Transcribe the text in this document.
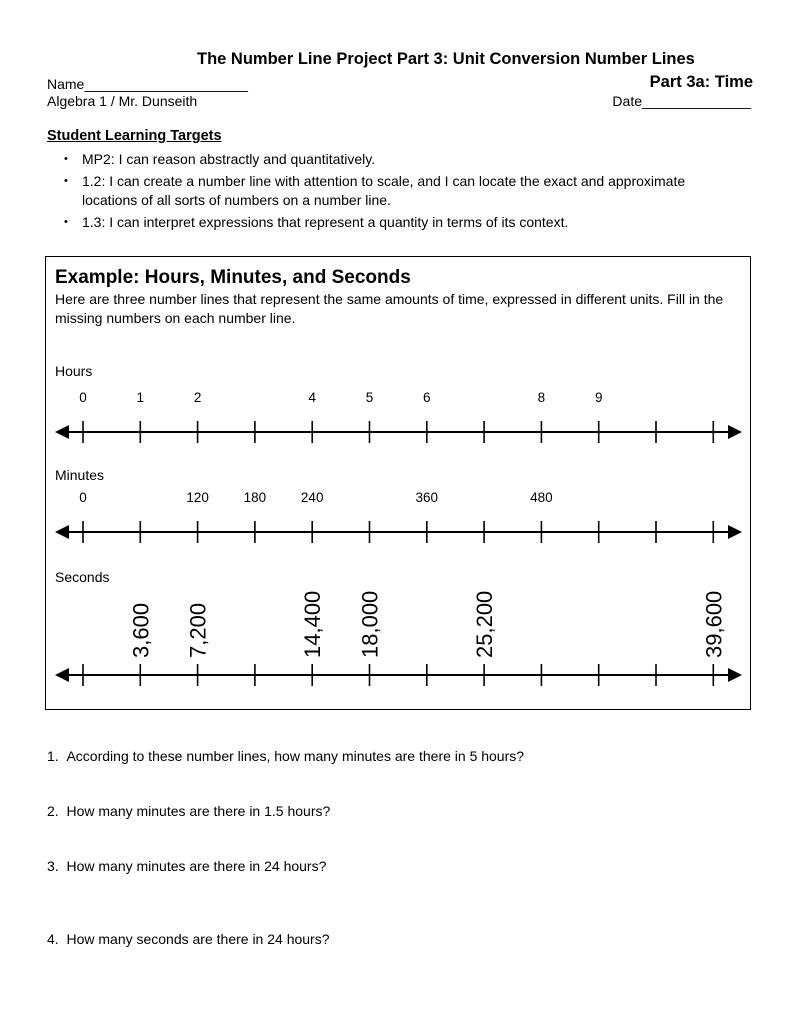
The Number Line Project Part 3: Unit Conversion Number Lines
Part 3a: Time
Name_____________________
Algebra 1 / Mr. Dunseith	Date______________
Student Learning Targets
• MP2: I can reason abstractly and quantitatively.
• 1.2: I can create a number line with attention to scale, and I can locate the exact and approximate locations of all sorts of numbers on a number line.
• 1.3: I can interpret expressions that represent a quantity in terms of its context.
Example: Hours, Minutes, and Seconds
Here are three number lines that represent the same amounts of time, expressed in different units. Fill in the missing numbers on each number line.
Hours
Minutes
Seconds
0	1	2	4	5	6	8	9
0	120	180	240	360	480
3,600 7,200	14,400 18,000	25,200	39,600
1. According to these number lines, how many minutes are there in 5 hours?
2. How many minutes are there in 1.5 hours?
3. How many minutes are there in 24 hours?
4. How many seconds are there in 24 hours?
